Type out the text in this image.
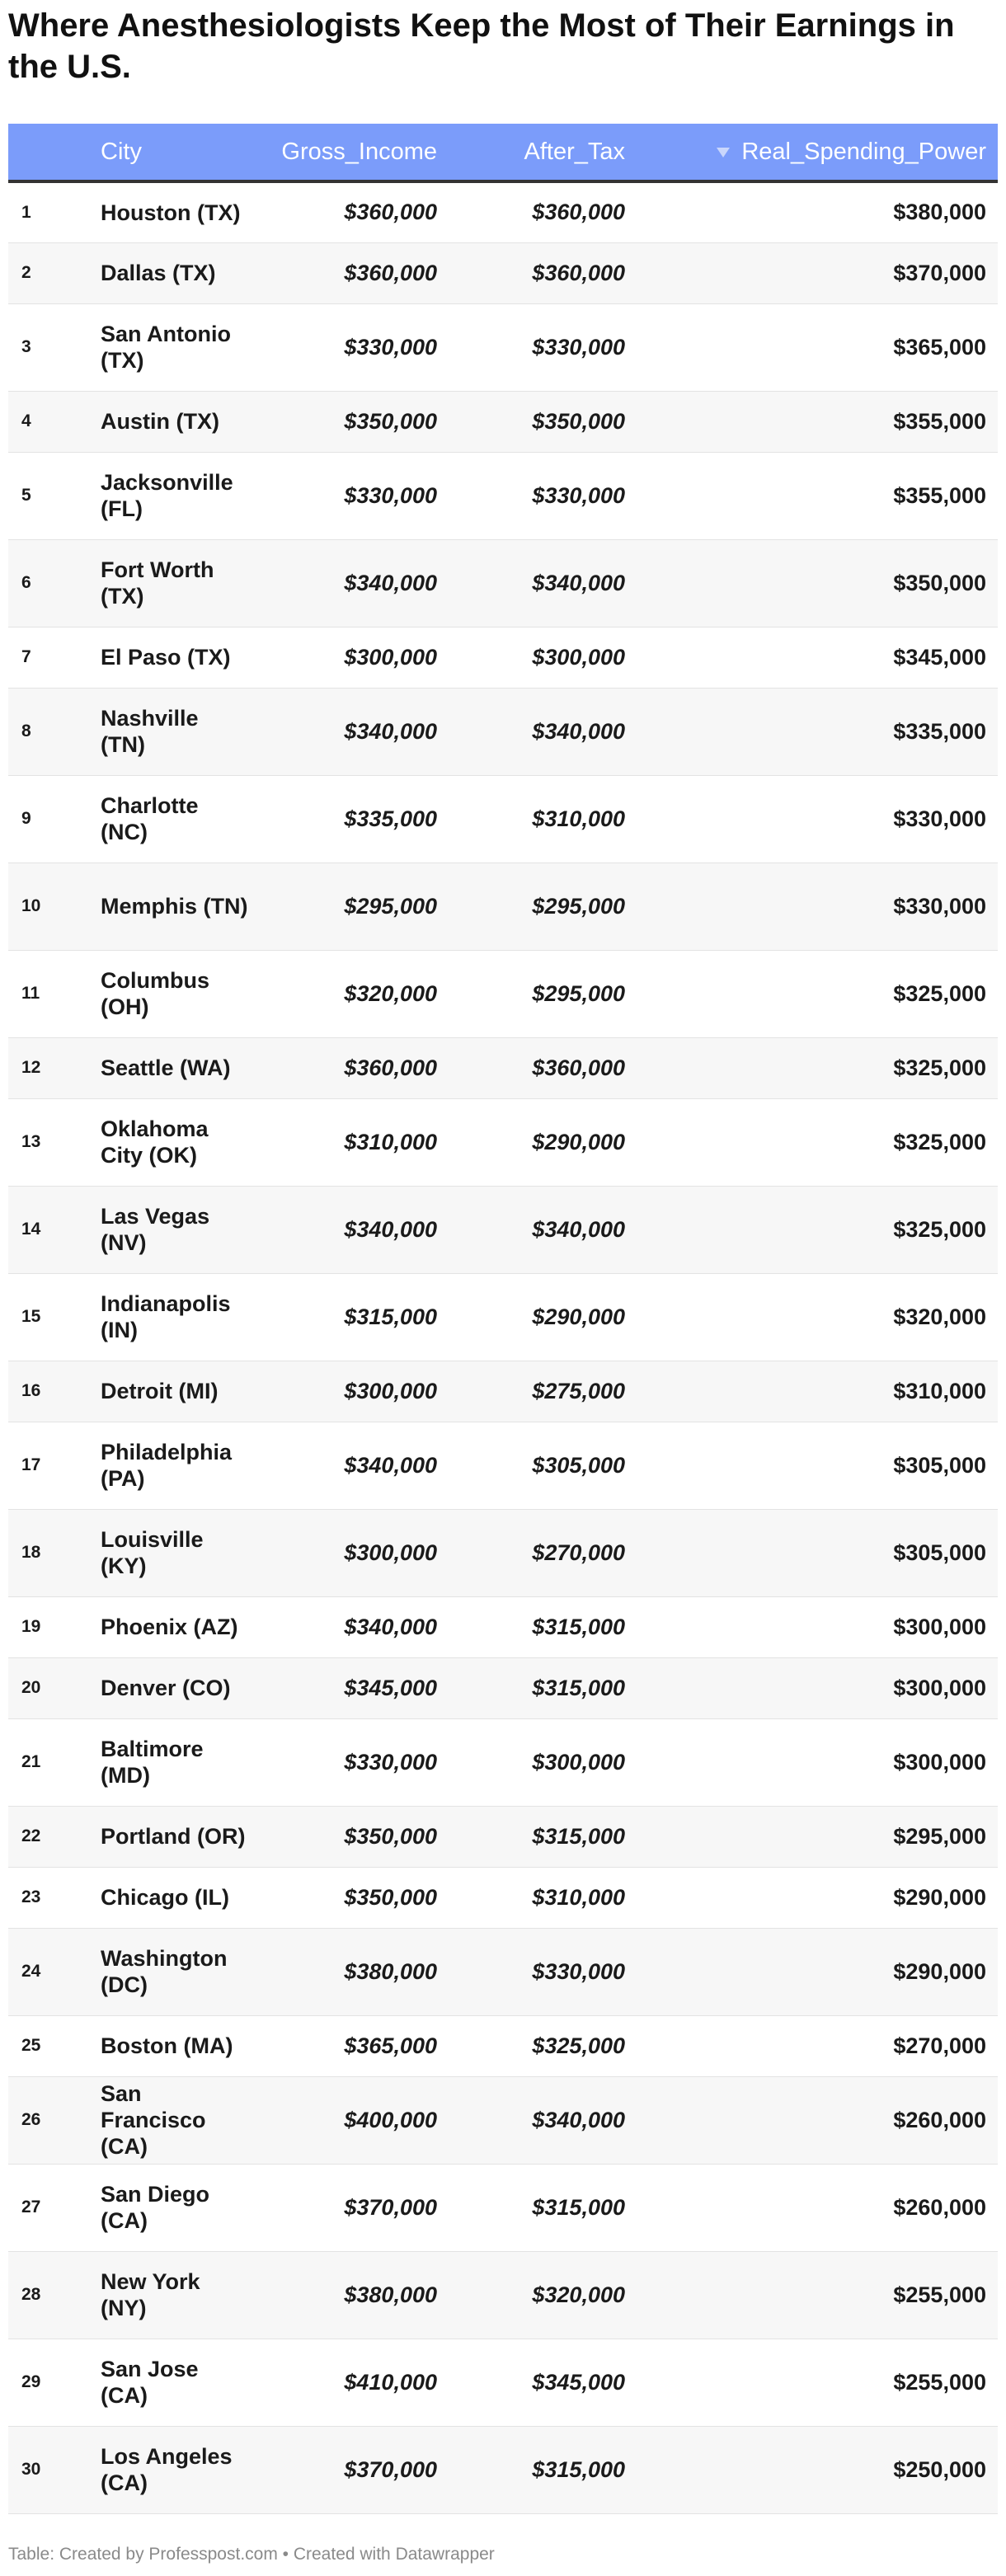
Where Anesthesiologists Keep the Most of Their Earnings in the U.S.
	City	Gross_Income	After_Tax	Real_Spending_Power
1	Houston (TX)	$360,000	$360,000	$380,000
2	Dallas (TX)	$360,000	$360,000	$370,000
3	San Antonio (TX)	$330,000	$330,000	$365,000
4	Austin (TX)	$350,000	$350,000	$355,000
5	Jacksonville (FL)	$330,000	$330,000	$355,000
6	Fort Worth (TX)	$340,000	$340,000	$350,000
7	El Paso (TX)	$300,000	$300,000	$345,000
8	Nashville (TN)	$340,000	$340,000	$335,000
9	Charlotte (NC)	$335,000	$310,000	$330,000
10	Memphis (TN)	$295,000	$295,000	$330,000
11	Columbus (OH)	$320,000	$295,000	$325,000
12	Seattle (WA)	$360,000	$360,000	$325,000
13	Oklahoma City (OK)	$310,000	$290,000	$325,000
14	Las Vegas (NV)	$340,000	$340,000	$325,000
15	Indianapolis (IN)	$315,000	$290,000	$320,000
16	Detroit (MI)	$300,000	$275,000	$310,000
17	Philadelphia (PA)	$340,000	$305,000	$305,000
18	Louisville (KY)	$300,000	$270,000	$305,000
19	Phoenix (AZ)	$340,000	$315,000	$300,000
20	Denver (CO)	$345,000	$315,000	$300,000
21	Baltimore (MD)	$330,000	$300,000	$300,000
22	Portland (OR)	$350,000	$315,000	$295,000
23	Chicago (IL)	$350,000	$310,000	$290,000
24	Washington (DC)	$380,000	$330,000	$290,000
25	Boston (MA)	$365,000	$325,000	$270,000
26	San Francisco (CA)	$400,000	$340,000	$260,000
27	San Diego (CA)	$370,000	$315,000	$260,000
28	New York (NY)	$380,000	$320,000	$255,000
29	San Jose (CA)	$410,000	$345,000	$255,000
30	Los Angeles (CA)	$370,000	$315,000	$250,000
Table: Created by Professpost.com • Created with Datawrapper
